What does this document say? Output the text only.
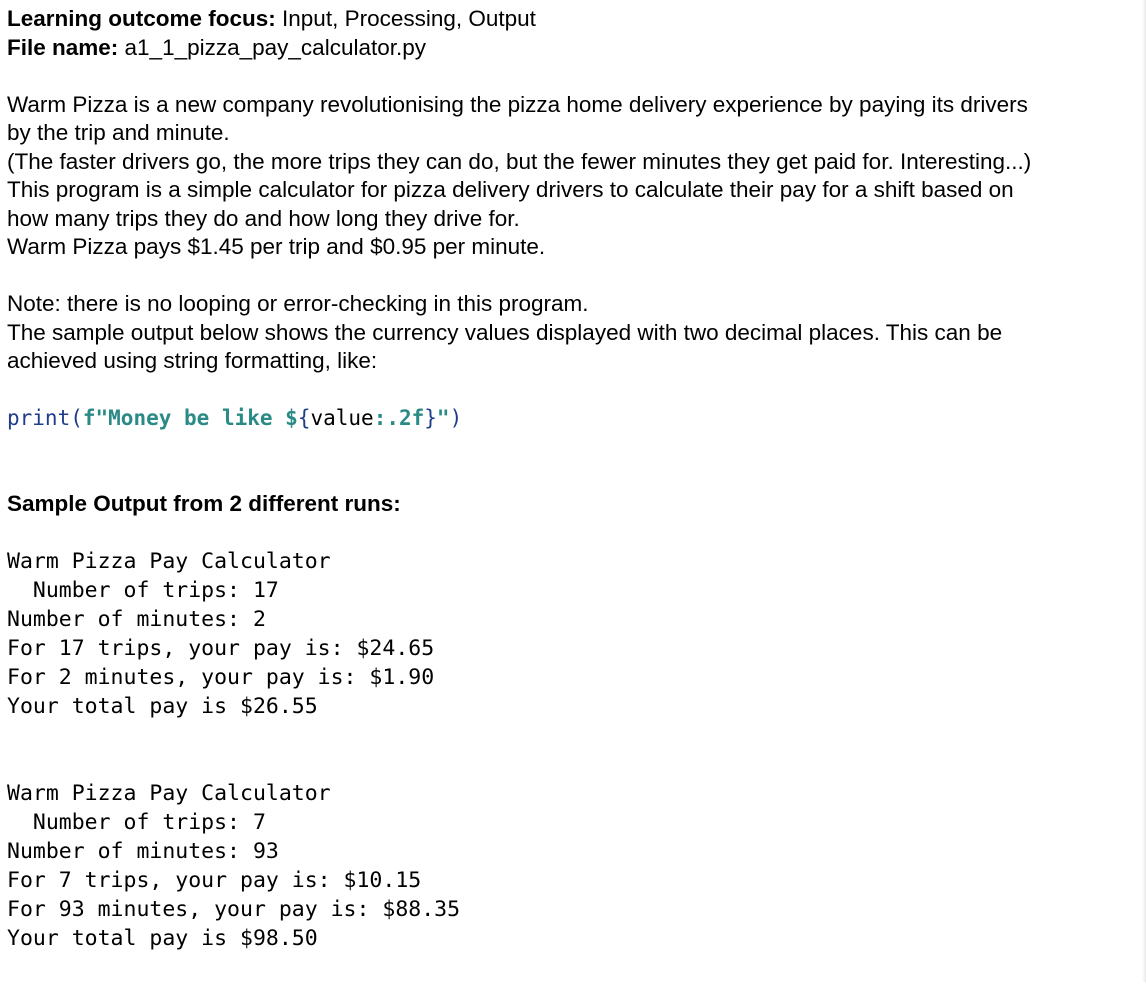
Learning outcome focus: Input, Processing, Output
File name: a1_1_pizza_pay_calculator.py
Warm Pizza is a new company revolutionising the pizza home delivery experience by paying its drivers
by the trip and minute.
(The faster drivers go, the more trips they can do, but the fewer minutes they get paid for. Interesting...)
This program is a simple calculator for pizza delivery drivers to calculate their pay for a shift based on
how many trips they do and how long they drive for.
Warm Pizza pays $1.45 per trip and $0.95 per minute.
Note: there is no looping or error-checking in this program.
The sample output below shows the currency values displayed with two decimal places. This can be
achieved using string formatting, like:
print(f"Money be like ${value:.2f}")
Sample Output from 2 different runs:
Warm Pizza Pay Calculator
Number of trips: 17
Number of minutes: 2
For 17 trips, your pay is: $24.65
For 2 minutes, your pay is: $1.90
Your total pay is $26.55
Warm Pizza Pay Calculator
Number of trips: 7
Number of minutes: 93
For 7 trips, your pay is: $10.15
For 93 minutes, your pay is: $88.35
Your total pay is $98.50
